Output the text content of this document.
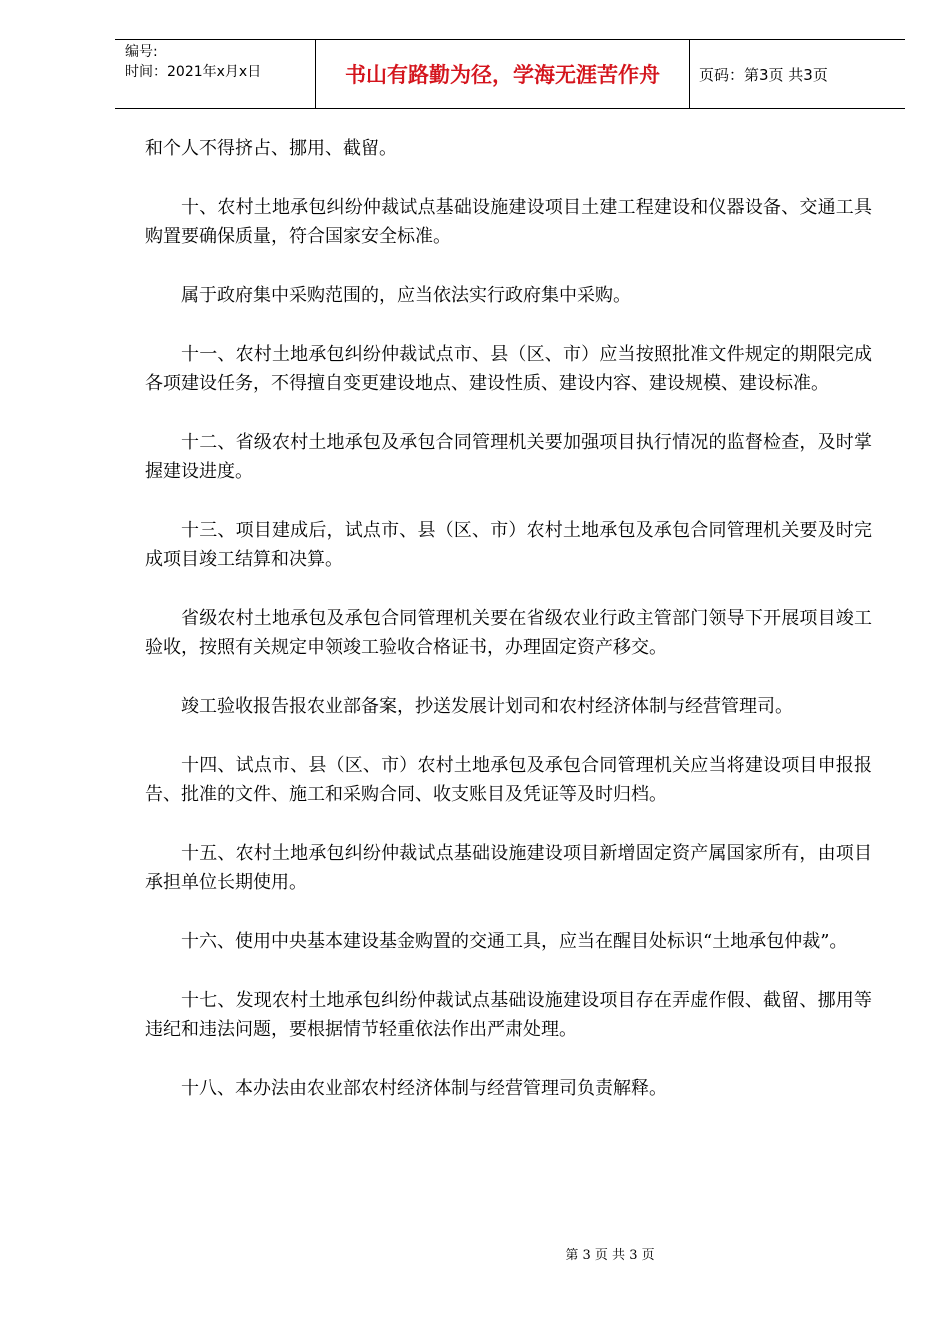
编号:
时间：2021年x月x日	书山有路勤为径，学海无涯苦作舟	页码：第3页 共3页

和个人不得挤占、挪用、截留。

十、农村土地承包纠纷仲裁试点基础设施建设项目土建工程建设和仪器设备、交通工具购置要确保质量，符合国家安全标准。

属于政府集中采购范围的，应当依法实行政府集中采购。

十一、农村土地承包纠纷仲裁试点市、县（区、市）应当按照批准文件规定的期限完成各项建设任务，不得擅自变更建设地点、建设性质、建设内容、建设规模、建设标准。

十二、省级农村土地承包及承包合同管理机关要加强项目执行情况的监督检查，及时掌握建设进度。

十三、项目建成后，试点市、县（区、市）农村土地承包及承包合同管理机关要及时完成项目竣工结算和决算。

省级农村土地承包及承包合同管理机关要在省级农业行政主管部门领导下开展项目竣工验收，按照有关规定申领竣工验收合格证书，办理固定资产移交。

竣工验收报告报农业部备案，抄送发展计划司和农村经济体制与经营管理司。

十四、试点市、县（区、市）农村土地承包及承包合同管理机关应当将建设项目申报报告、批准的文件、施工和采购合同、收支账目及凭证等及时归档。

十五、农村土地承包纠纷仲裁试点基础设施建设项目新增固定资产属国家所有，由项目承担单位长期使用。

十六、使用中央基本建设基金购置的交通工具，应当在醒目处标识“土地承包仲裁”。

十七、发现农村土地承包纠纷仲裁试点基础设施建设项目存在弄虚作假、截留、挪用等违纪和违法问题，要根据情节轻重依法作出严肃处理。

十八、本办法由农业部农村经济体制与经营管理司负责解释。

第 3 页 共 3 页
